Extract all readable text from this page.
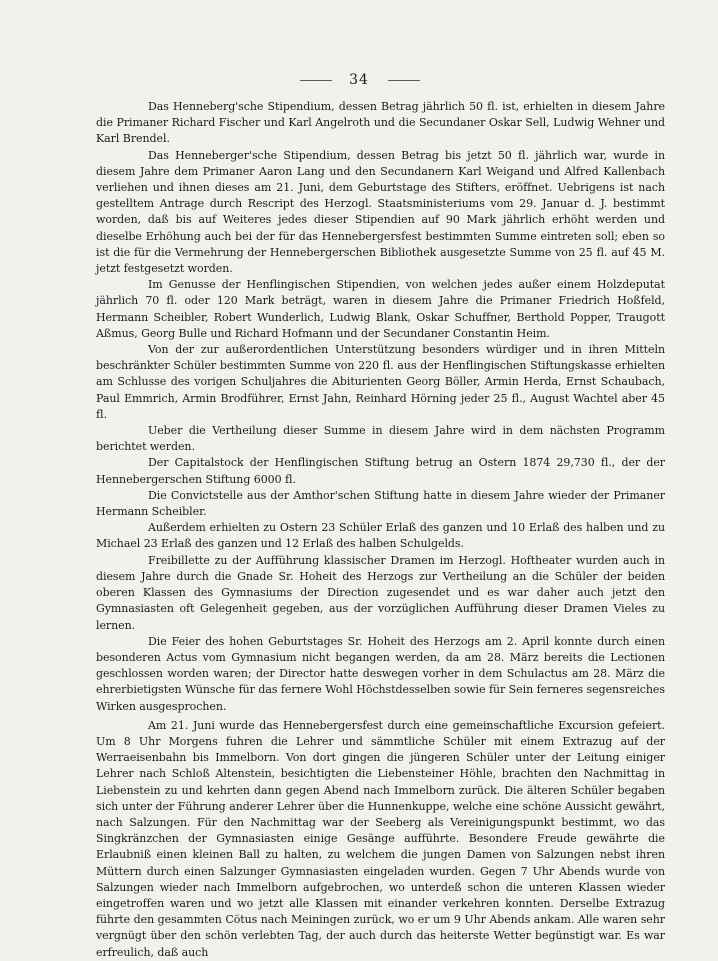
34

Das Henneberg'sche Stipendium, dessen Betrag jährlich 50 fl. ist, erhielten in diesem Jahre die Primaner Richard Fischer und Karl Angelroth und die Secundaner Oskar Sell, Ludwig Wehner und Karl Brendel.

Das Henneberger'sche Stipendium, dessen Betrag bis jetzt 50 fl. jährlich war, wurde in diesem Jahre dem Primaner Aaron Lang und den Secundanern Karl Weigand und Alfred Kallenbach verliehen und ihnen dieses am 21. Juni, dem Geburtstage des Stifters, eröffnet. Uebrigens ist nach gestelltem Antrage durch Rescript des Herzogl. Staatsministeriums vom 29. Januar d. J. bestimmt worden, daß bis auf Weiteres jedes dieser Stipendien auf 90 Mark jährlich erhöht werden und dieselbe Erhöhung auch bei der für das Hennebergersfest bestimmten Summe eintreten soll; eben so ist die für die Vermehrung der Hennebergerschen Bibliothek ausgesetzte Summe von 25 fl. auf 45 M. jetzt festgesetzt worden.

Im Genusse der Henflingischen Stipendien, von welchen jedes außer einem Holzdeputat jährlich 70 fl. oder 120 Mark beträgt, waren in diesem Jahre die Primaner Friedrich Hoßfeld, Hermann Scheibler, Robert Wunderlich, Ludwig Blank, Oskar Schuffner, Berthold Popper, Traugott Aßmus, Georg Bulle und Richard Hofmann und der Secundaner Constantin Heim.

Von der zur außerordentlichen Unterstützung besonders würdiger und in ihren Mitteln beschränkter Schüler bestimmten Summe von 220 fl. aus der Henflingischen Stiftungskasse erhielten am Schlusse des vorigen Schuljahres die Abiturienten Georg Böller, Armin Herda, Ernst Schaubach, Paul Emmrich, Armin Brodführer, Ernst Jahn, Reinhard Hörning jeder 25 fl., August Wachtel aber 45 fl.

Ueber die Vertheilung dieser Summe in diesem Jahre wird in dem nächsten Programm berichtet werden.

Der Capitalstock der Henflingischen Stiftung betrug an Ostern 1874 29,730 fl., der der Hennebergerschen Stiftung 6000 fl.

Die Convictstelle aus der Amthor'schen Stiftung hatte in diesem Jahre wieder der Primaner Hermann Scheibler.

Außerdem erhielten zu Ostern 23 Schüler Erlaß des ganzen und 10 Erlaß des halben und zu Michael 23 Erlaß des ganzen und 12 Erlaß des halben Schulgelds.

Freibillette zu der Aufführung klassischer Dramen im Herzogl. Hoftheater wurden auch in diesem Jahre durch die Gnade Sr. Hoheit des Herzogs zur Vertheilung an die Schüler der beiden oberen Klassen des Gymnasiums der Direction zugesendet und es war daher auch jetzt den Gymnasiasten oft Gelegenheit gegeben, aus der vorzüglichen Aufführung dieser Dramen Vieles zu lernen.

Die Feier des hohen Geburtstages Sr. Hoheit des Herzogs am 2. April konnte durch einen besonderen Actus vom Gymnasium nicht begangen werden, da am 28. März bereits die Lectionen geschlossen worden waren; der Director hatte deswegen vorher in dem Schulactus am 28. März die ehrerbietigsten Wünsche für das fernere Wohl Höchstdesselben sowie für Sein ferneres segensreiches Wirken ausgesprochen.

Am 21. Juni wurde das Hennebergersfest durch eine gemeinschaftliche Excursion gefeiert. Um 8 Uhr Morgens fuhren die Lehrer und sämmtliche Schüler mit einem Extrazug auf der Werraeisenbahn bis Immelborn. Von dort gingen die jüngeren Schüler unter der Leitung einiger Lehrer nach Schloß Altenstein, besichtigten die Liebensteiner Höhle, brachten den Nachmittag in Liebenstein zu und kehrten dann gegen Abend nach Immelborn zurück. Die älteren Schüler begaben sich unter der Führung anderer Lehrer über die Hunnenkuppe, welche eine schöne Aussicht gewährt, nach Salzungen. Für den Nachmittag war der Seeberg als Vereinigungspunkt bestimmt, wo das Singkränzchen der Gymnasiasten einige Gesänge aufführte. Besondere Freude gewährte die Erlaubniß einen kleinen Ball zu halten, zu welchem die jungen Damen von Salzungen nebst ihren Müttern durch einen Salzunger Gymnasiasten eingeladen wurden. Gegen 7 Uhr Abends wurde von Salzungen wieder nach Immelborn aufgebrochen, wo unterdeß schon die unteren Klassen wieder eingetroffen waren und wo jetzt alle Klassen mit einander verkehren konnten. Derselbe Extrazug führte den gesammten Cötus nach Meiningen zurück, wo er um 9 Uhr Abends ankam. Alle waren sehr vergnügt über den schön verlebten Tag, der auch durch das heiterste Wetter begünstigt war. Es war erfreulich, daß auch
